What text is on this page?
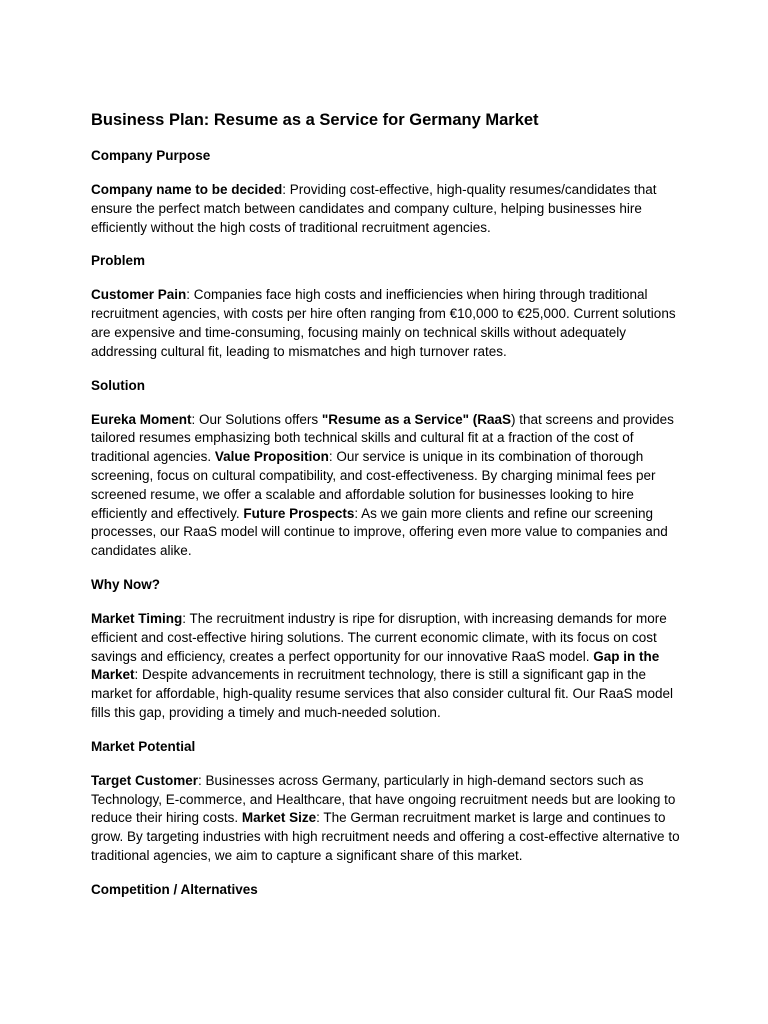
Business Plan: Resume as a Service for Germany Market
Company Purpose

Company name to be decided: Providing cost-effective, high-quality resumes/candidates that ensure the perfect match between candidates and company culture, helping businesses hire efficiently without the high costs of traditional recruitment agencies.

Problem

Customer Pain: Companies face high costs and inefficiencies when hiring through traditional recruitment agencies, with costs per hire often ranging from €10,000 to €25,000. Current solutions are expensive and time-consuming, focusing mainly on technical skills without adequately addressing cultural fit, leading to mismatches and high turnover rates.

Solution

Eureka Moment: Our Solutions offers "Resume as a Service" (RaaS) that screens and provides tailored resumes emphasizing both technical skills and cultural fit at a fraction of the cost of traditional agencies. Value Proposition: Our service is unique in its combination of thorough screening, focus on cultural compatibility, and cost-effectiveness. By charging minimal fees per screened resume, we offer a scalable and affordable solution for businesses looking to hire efficiently and effectively. Future Prospects: As we gain more clients and refine our screening processes, our RaaS model will continue to improve, offering even more value to companies and candidates alike.

Why Now?

Market Timing: The recruitment industry is ripe for disruption, with increasing demands for more efficient and cost-effective hiring solutions. The current economic climate, with its focus on cost savings and efficiency, creates a perfect opportunity for our innovative RaaS model. Gap in the Market: Despite advancements in recruitment technology, there is still a significant gap in the market for affordable, high-quality resume services that also consider cultural fit. Our RaaS model fills this gap, providing a timely and much-needed solution.

Market Potential

Target Customer: Businesses across Germany, particularly in high-demand sectors such as Technology, E-commerce, and Healthcare, that have ongoing recruitment needs but are looking to reduce their hiring costs. Market Size: The German recruitment market is large and continues to grow. By targeting industries with high recruitment needs and offering a cost-effective alternative to traditional agencies, we aim to capture a significant share of this market.

Competition / Alternatives
